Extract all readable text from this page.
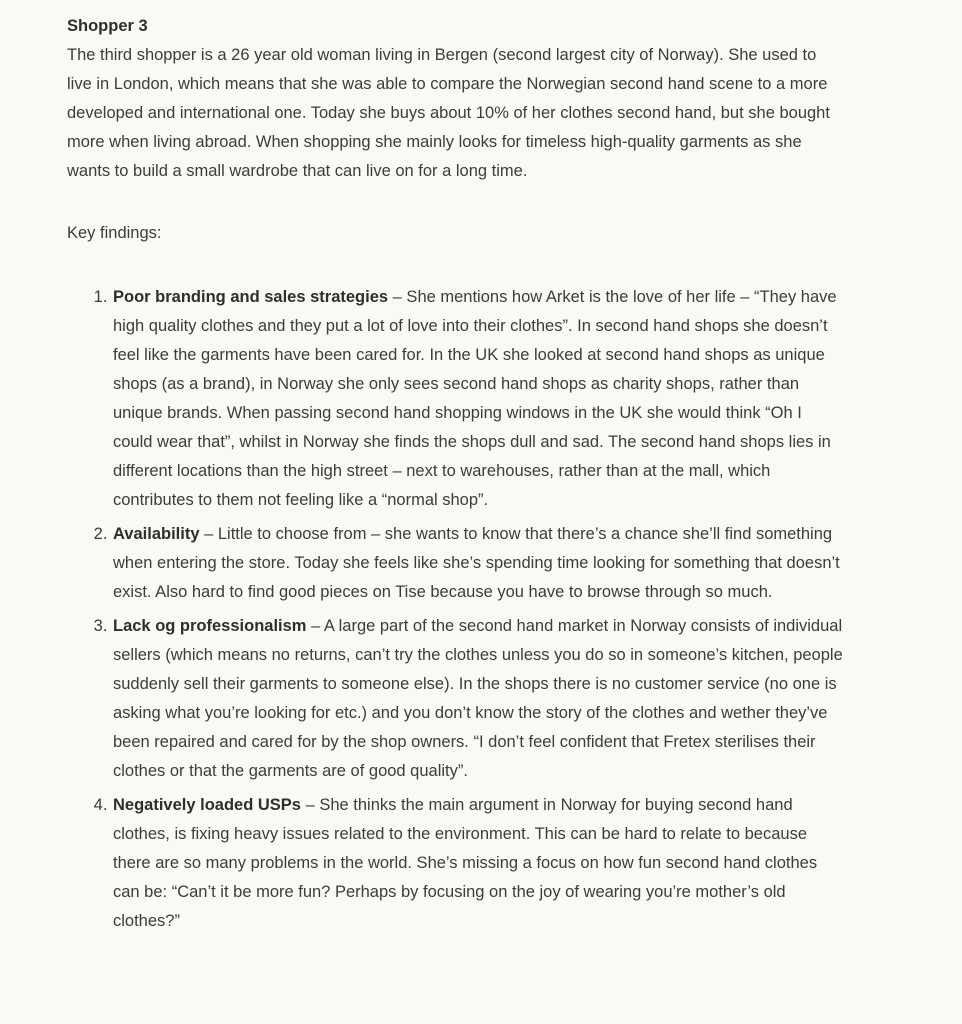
Shopper 3

The third shopper is a 26 year old woman living in Bergen (second largest city of Norway). She used to live in London, which means that she was able to compare the Norwegian second hand scene to a more developed and international one. Today she buys about 10% of her clothes second hand, but she bought more when living abroad. When shopping she mainly looks for timeless high-quality garments as she wants to build a small wardrobe that can live on for a long time.

Key findings:

1. Poor branding and sales strategies – She mentions how Arket is the love of her life – “They have high quality clothes and they put a lot of love into their clothes”. In second hand shops she doesn’t feel like the garments have been cared for. In the UK she looked at second hand shops as unique shops (as a brand), in Norway she only sees second hand shops as charity shops, rather than unique brands. When passing second hand shopping windows in the UK she would think “Oh I could wear that”, whilst in Norway she finds the shops dull and sad. The second hand shops lies in different locations than the high street – next to warehouses, rather than at the mall, which contributes to them not feeling like a “normal shop”.
2. Availability – Little to choose from – she wants to know that there’s a chance she’ll find something when entering the store. Today she feels like she’s spending time looking for something that doesn’t exist. Also hard to find good pieces on Tise because you have to browse through so much.
3. Lack og professionalism – A large part of the second hand market in Norway consists of individual sellers (which means no returns, can’t try the clothes unless you do so in someone’s kitchen, people suddenly sell their garments to someone else). In the shops there is no customer service (no one is asking what you’re looking for etc.) and you don’t know the story of the clothes and wether they’ve been repaired and cared for by the shop owners. “I don’t feel confident that Fretex sterilises their clothes or that the garments are of good quality”.
4. Negatively loaded USPs – She thinks the main argument in Norway for buying second hand clothes, is fixing heavy issues related to the environment. This can be hard to relate to because there are so many problems in the world. She’s missing a focus on how fun second hand clothes can be: “Can’t it be more fun? Perhaps by focusing on the joy of wearing you’re mother’s old clothes?”
